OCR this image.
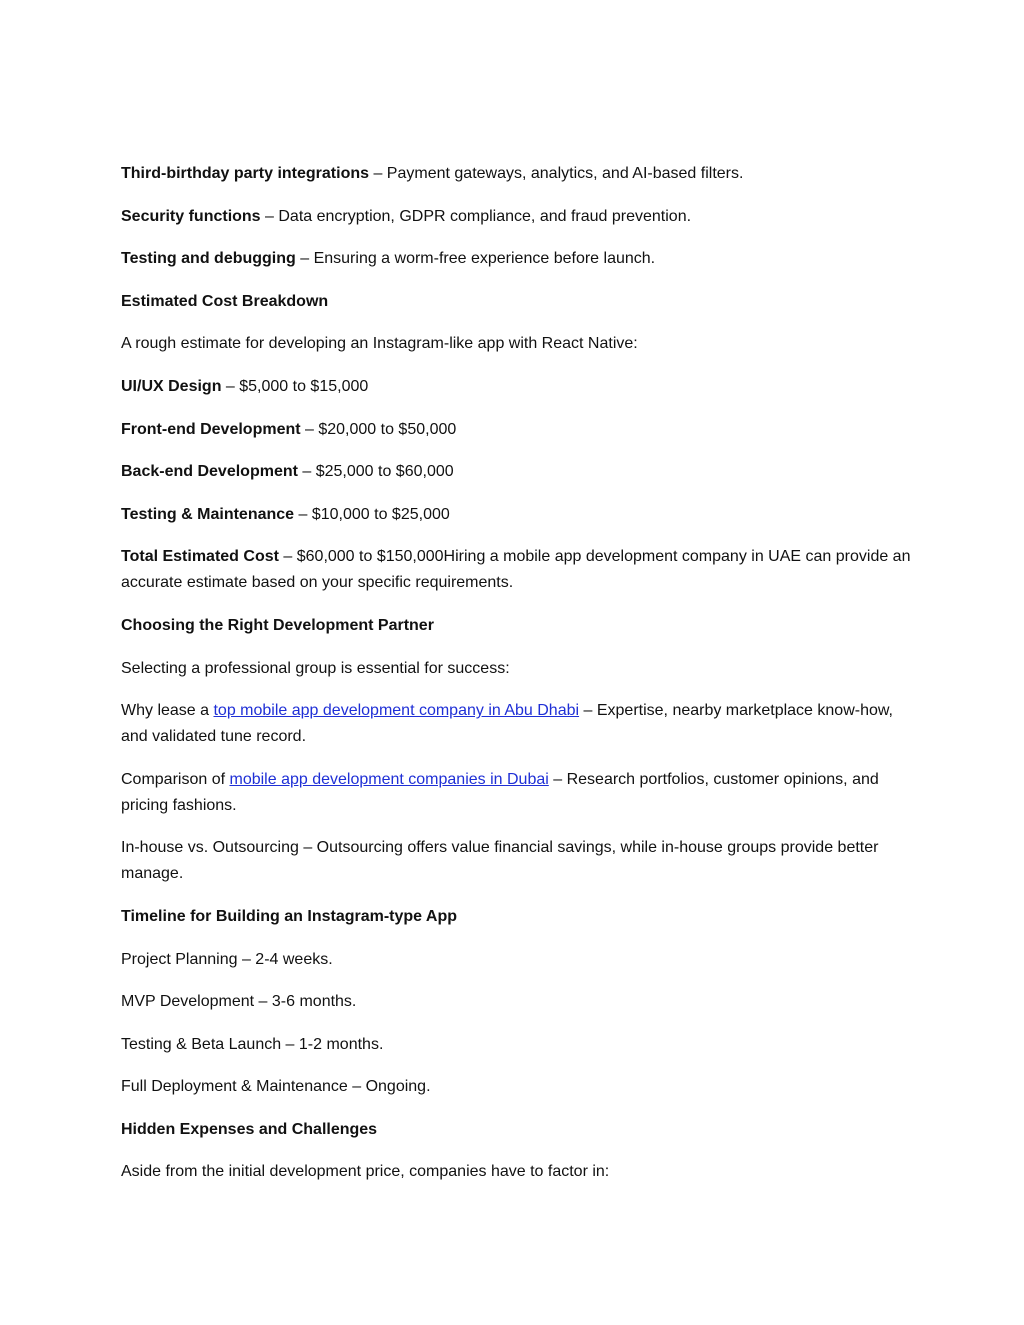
Third-birthday party integrations – Payment gateways, analytics, and AI-based filters.

Security functions – Data encryption, GDPR compliance, and fraud prevention.

Testing and debugging – Ensuring a worm-free experience before launch.

Estimated Cost Breakdown

A rough estimate for developing an Instagram-like app with React Native:

UI/UX Design – $5,000 to $15,000

Front-end Development – $20,000 to $50,000

Back-end Development – $25,000 to $60,000

Testing & Maintenance – $10,000 to $25,000

Total Estimated Cost – $60,000 to $150,000Hiring a mobile app development company in UAE can provide an accurate estimate based on your specific requirements.

Choosing the Right Development Partner

Selecting a professional group is essential for success:

Why lease a top mobile app development company in Abu Dhabi – Expertise, nearby marketplace know-how, and validated tune record.

Comparison of mobile app development companies in Dubai – Research portfolios, customer opinions, and pricing fashions.

In-house vs. Outsourcing – Outsourcing offers value financial savings, while in-house groups provide better manage.

Timeline for Building an Instagram-type App

Project Planning – 2-4 weeks.

MVP Development – 3-6 months.

Testing & Beta Launch – 1-2 months.

Full Deployment & Maintenance – Ongoing.

Hidden Expenses and Challenges

Aside from the initial development price, companies have to factor in:
